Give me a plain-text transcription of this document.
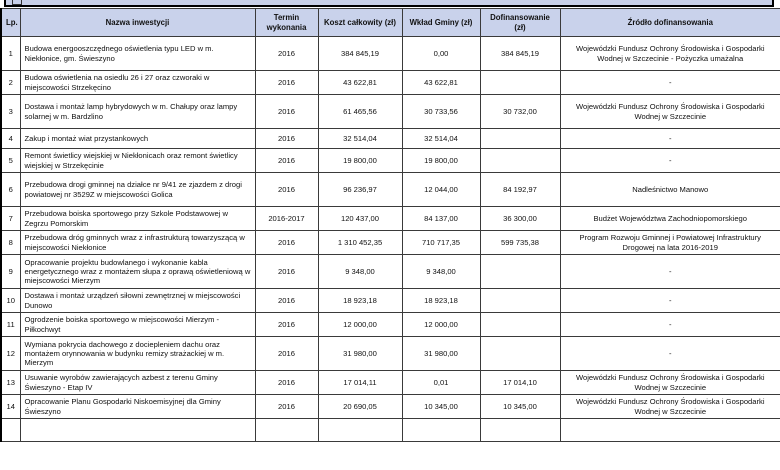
Lp.	Nazwa inwestycji	Termin wykonania	Koszt całkowity (zł)	Wkład Gminy (zł)	Dofinansowanie (zł)	Źródło dofinansowania
1	Budowa energooszczędnego oświetlenia typu LED w m. Niekłonice, gm. Świeszyno	2016	384 845,19	0,00	384 845,19	Wojewódzki Fundusz Ochrony Środowiska i Gospodarki Wodnej w Szczecinie - Pożyczka umażalna
2	Budowa oświetlenia na osiedlu 26 i 27 oraz czworaki w miejscowości Strzekęcino	2016	43 622,81	43 622,81		-
3	Dostawa i montaż lamp hybrydowych w m. Chałupy oraz lampy solarnej w m. Bardzlino	2016	61 465,56	30 733,56	30 732,00	Wojewódzki Fundusz Ochrony Środowiska i Gospodarki Wodnej w Szczecinie
4	Zakup i montaż wiat przystankowych	2016	32 514,04	32 514,04		-
5	Remont świetlicy wiejskiej w Niekłonicach oraz remont świetlicy wiejskiej w Strzekęcinie	2016	19 800,00	19 800,00		-
6	Przebudowa drogi gminnej na działce nr 9/41 ze zjazdem z drogi powiatowej nr 3529Z w miejscowości Golica	2016	96 236,97	12 044,00	84 192,97	Nadleśnictwo Manowo
7	Przebudowa boiska sportowego przy Szkole Podstawowej w Zegrzu Pomorskim	2016-2017	120 437,00	84 137,00	36 300,00	Budżet Województwa Zachodniopomorskiego
8	Przebudowa dróg gminnych wraz z infrastrukturą towarzyszącą w miejscowości Niekłonice	2016	1 310 452,35	710 717,35	599 735,38	Program Rozwoju Gminnej i Powiatowej Infrastruktury Drogowej na lata 2016-2019
9	Opracowanie projektu budowlanego i wykonanie kabla energetycznego wraz z montażem słupa z oprawą oświetleniową w miejscowości Mierzym	2016	9 348,00	9 348,00		-
10	Dostawa i montaż urządzeń siłowni zewnętrznej w miejscowości Dunowo	2016	18 923,18	18 923,18		-
11	Ogrodzenie boiska sportowego w miejscowości Mierzym - Piłkochwyt	2016	12 000,00	12 000,00		-
12	Wymiana pokrycia dachowego z dociepleniem dachu oraz montażem orynnowania w budynku remizy strażackiej w m. Mierzym	2016	31 980,00	31 980,00		-
13	Usuwanie wyrobów zawierających azbest z terenu Gminy Świeszyno - Etap IV	2016	17 014,11	0,01	17 014,10	Wojewódzki Fundusz Ochrony Środowiska i Gospodarki Wodnej w Szczecinie
14	Opracowanie Planu Gospodarki Niskoemisyjnej dla Gminy Świeszyno	2016	20 690,05	10 345,00	10 345,00	Wojewódzki Fundusz Ochrony Środowiska i Gospodarki Wodnej w Szczecinie
